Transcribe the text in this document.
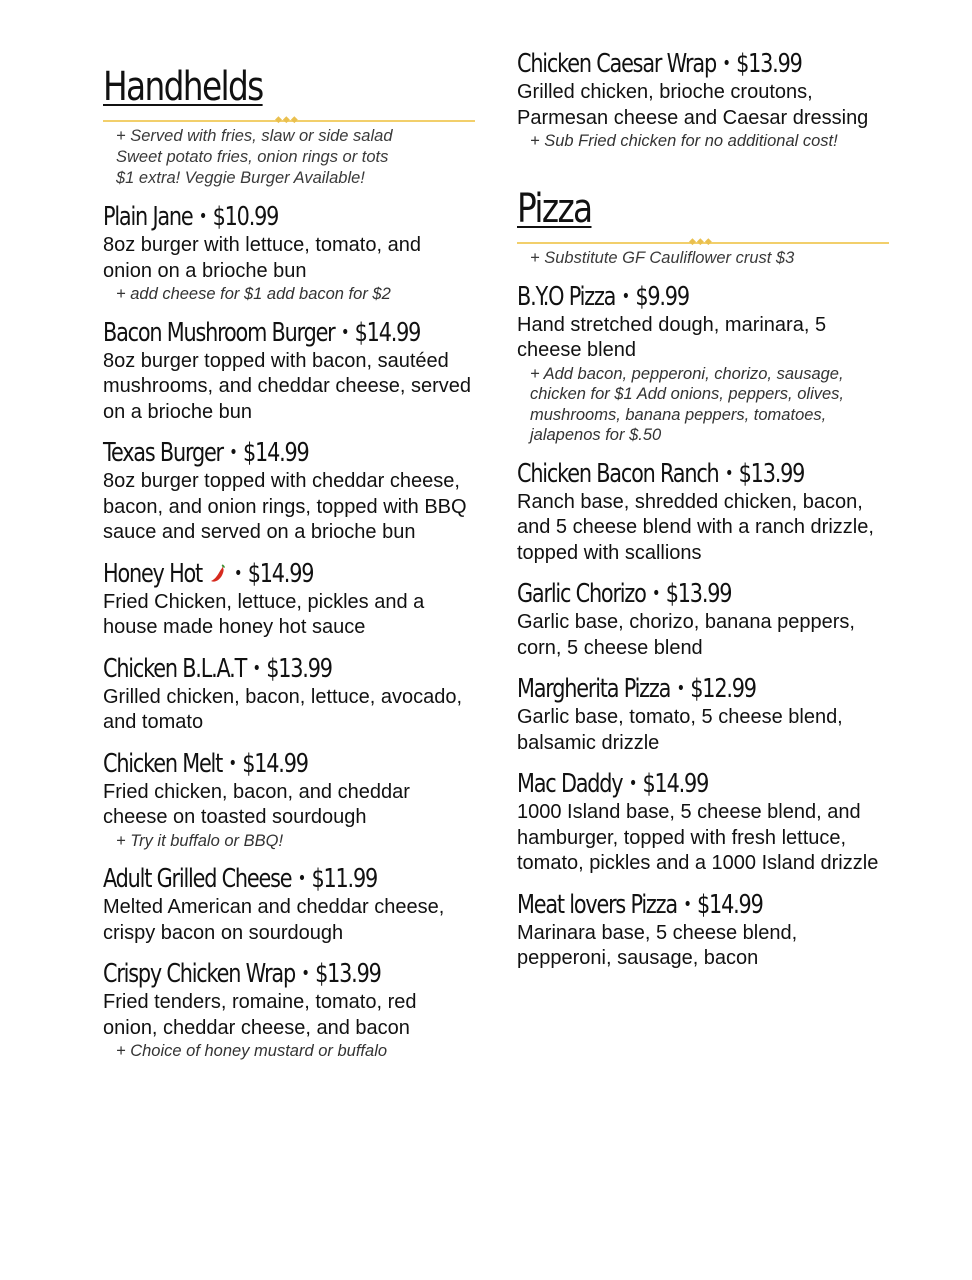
Handhelds
◆◆◆

+ Served with fries, slaw or side salad
Sweet potato fries, onion rings or tots
$1 extra! Veggie Burger Available!

Plain Jane • $10.99

8oz burger with lettuce, tomato, and onion on a brioche bun

+ add cheese for $1 add bacon for $2

Bacon Mushroom Burger • $14.99

8oz burger topped with bacon, sautéed mushrooms, and cheddar cheese, served on a brioche bun

Texas Burger • $14.99

8oz burger topped with cheddar cheese, bacon, and onion rings, topped with BBQ sauce and served on a brioche bun

Honey Hot • $14.99

Fried Chicken, lettuce, pickles and a house made honey hot sauce

Chicken B.L.A.T • $13.99

Grilled chicken, bacon, lettuce, avocado, and tomato

Chicken Melt • $14.99

Fried chicken, bacon, and cheddar cheese on toasted sourdough

+ Try it buffalo or BBQ!

Adult Grilled Cheese • $11.99

Melted American and cheddar cheese, crispy bacon on sourdough

Crispy Chicken Wrap • $13.99

Fried tenders, romaine, tomato, red onion, cheddar cheese, and bacon

+ Choice of honey mustard or buffalo

Chicken Caesar Wrap • $13.99

Grilled chicken, brioche croutons, Parmesan cheese and Caesar dressing

+ Sub Fried chicken for no additional cost!

Pizza
◆◆◆

+ Substitute GF Cauliflower crust $3

B.Y.O Pizza • $9.99

Hand stretched dough, marinara, 5 cheese blend

+ Add bacon, pepperoni, chorizo, sausage, chicken for $1 Add onions, peppers, olives, mushrooms, banana peppers, tomatoes, jalapenos for $.50

Chicken Bacon Ranch • $13.99

Ranch base, shredded chicken, bacon, and 5 cheese blend with a ranch drizzle, topped with scallions

Garlic Chorizo • $13.99

Garlic base, chorizo, banana peppers, corn, 5 cheese blend

Margherita Pizza • $12.99

Garlic base, tomato, 5 cheese blend, balsamic drizzle

Mac Daddy • $14.99

1000 Island base, 5 cheese blend, and hamburger, topped with fresh lettuce, tomato, pickles and a 1000 Island drizzle

Meat lovers Pizza • $14.99

Marinara base, 5 cheese blend, pepperoni, sausage, bacon
